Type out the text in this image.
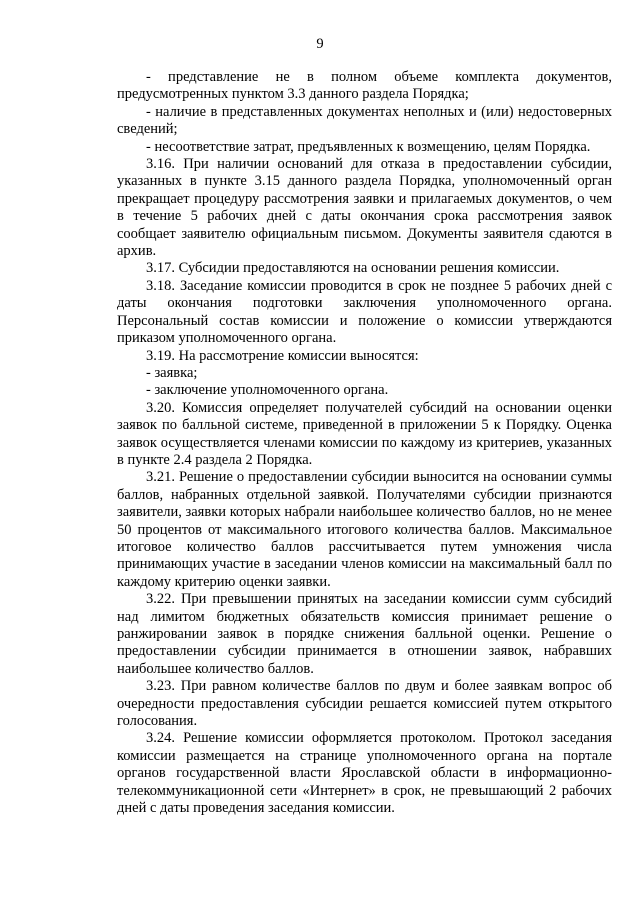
9

- представление не в полном объеме комплекта документов, предусмотренных пунктом 3.3 данного раздела Порядка;

- наличие в представленных документах неполных и (или) недостоверных сведений;

- несоответствие затрат, предъявленных к возмещению, целям Порядка.

3.16. При наличии оснований для отказа в предоставлении субсидии, указанных в пункте 3.15 данного раздела Порядка, уполномоченный орган прекращает процедуру рассмотрения заявки и прилагаемых документов, о чем в течение 5 рабочих дней с даты окончания срока рассмотрения заявок сообщает заявителю официальным письмом. Документы заявителя сдаются в архив.

3.17. Субсидии предоставляются на основании решения комиссии.

3.18. Заседание комиссии проводится в срок не позднее 5 рабочих дней с даты окончания подготовки заключения уполномоченного органа. Персональный состав комиссии и положение о комиссии утверждаются приказом уполномоченного органа.

3.19. На рассмотрение комиссии выносятся:

- заявка;

- заключение уполномоченного органа.

3.20. Комиссия определяет получателей субсидий на основании оценки заявок по балльной системе, приведенной в приложении 5 к Порядку. Оценка заявок осуществляется членами комиссии по каждому из критериев, указанных в пункте 2.4 раздела 2 Порядка.

3.21. Решение о предоставлении субсидии выносится на основании суммы баллов, набранных отдельной заявкой. Получателями субсидии признаются заявители, заявки которых набрали наибольшее количество баллов, но не менее 50 процентов от максимального итогового количества баллов. Максимальное итоговое количество баллов рассчитывается путем умножения числа принимающих участие в заседании членов комиссии на максимальный балл по каждому критерию оценки заявки.

3.22. При превышении принятых на заседании комиссии сумм субсидий над лимитом бюджетных обязательств комиссия принимает решение о ранжировании заявок в порядке снижения балльной оценки. Решение о предоставлении субсидии принимается в отношении заявок, набравших наибольшее количество баллов.

3.23. При равном количестве баллов по двум и более заявкам вопрос об очередности предоставления субсидии решается комиссией путем открытого голосования.

3.24. Решение комиссии оформляется протоколом. Протокол заседания комиссии размещается на странице уполномоченного органа на портале органов государственной власти Ярославской области в информационно-телекоммуникационной сети «Интернет» в срок, не превышающий 2 рабочих дней с даты проведения заседания комиссии.
